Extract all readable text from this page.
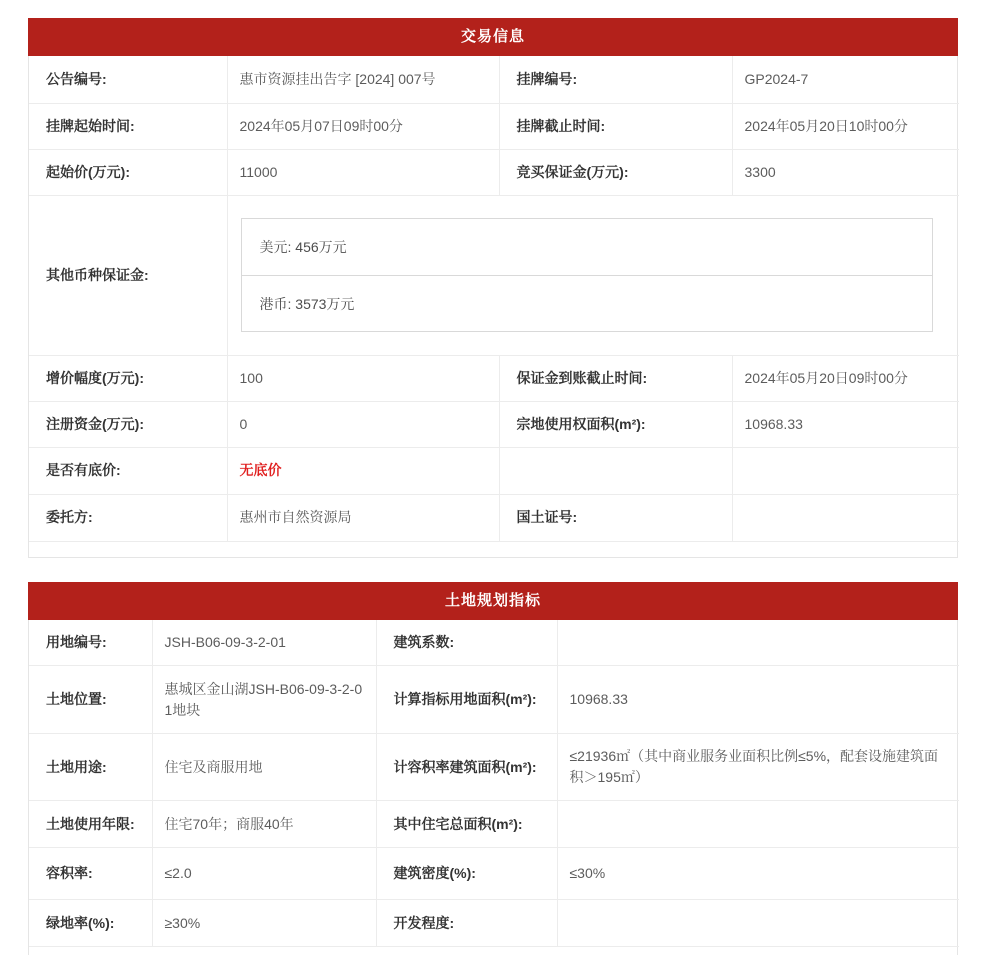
交易信息
公告编号:	惠市资源挂出告字 [2024] 007号	挂牌编号:	GP2024-7
挂牌起始时间:	2024年05月07日09时00分	挂牌截止时间:	2024年05月20日10时00分
起始价(万元):	11000	竞买保证金(万元):	3300
其他币种保证金:	美元: 456万元
港币: 3573万元		

增价幅度(万元):	100	保证金到账截止时间:	2024年05月20日09时00分
注册资金(万元):	0	宗地使用权面积(m²):	10968.33
是否有底价:	无底价		
委托方:	惠州市自然资源局	国土证号:	
土地规划指标
用地编号:	JSH-B06-09-3-2-01	建筑系数:	
土地位置:	惠城区金山湖JSH-B06-09-3-2-01地块	计算指标用地面积(m²):	10968.33
土地用途:	住宅及商服用地	计容积率建筑面积(m²):	≤21936㎡（其中商业服务业面积比例≤5%，配套设施建筑面积＞195㎡）
土地使用年限:	住宅70年；商服40年	其中住宅总面积(m²):	
容积率:	≤2.0	建筑密度(%):	≤30%
绿地率(%):	≥30%	开发程度:	
